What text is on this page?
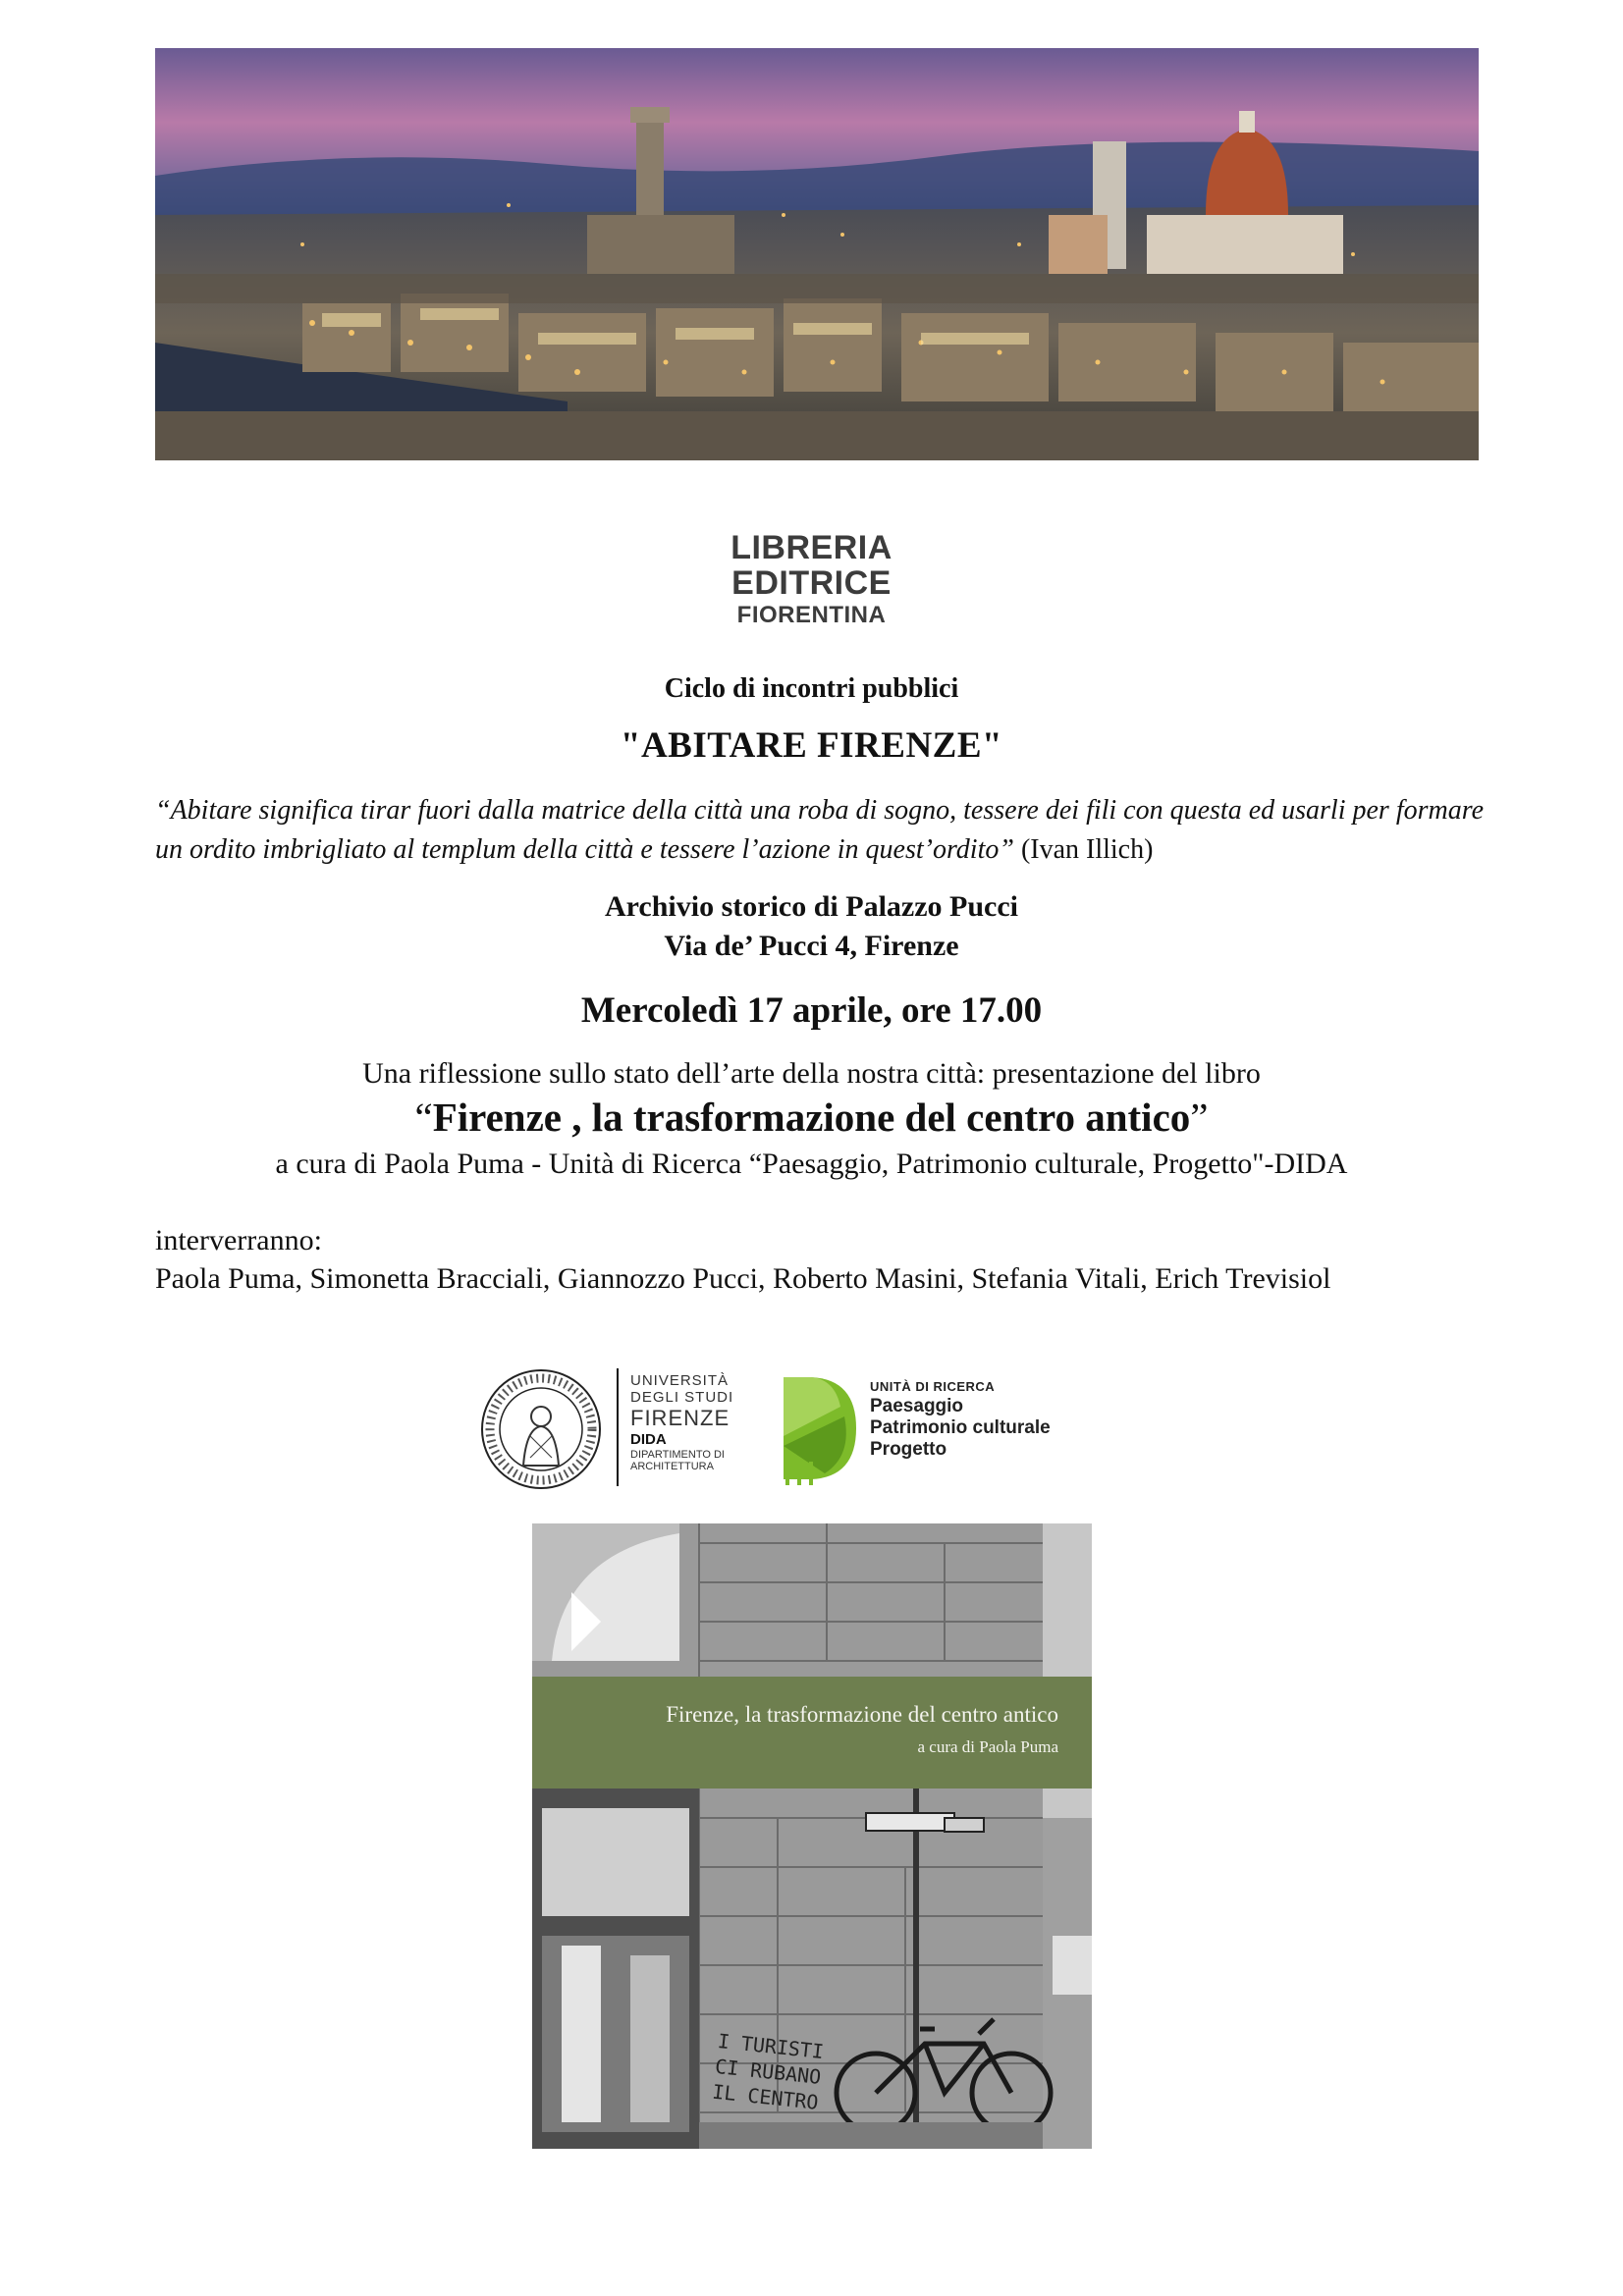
LIBRERIA
EDITRICE
FIORENTINA
Ciclo di incontri pubblici
"ABITARE FIRENZE"
“Abitare significa tirar fuori dalla matrice della città una roba di sogno, tessere dei fili con questa ed usarli per formare un ordito imbrigliato al templum della città e tessere l’azione in quest’ordito” (Ivan Illich)
Archivio storico di Palazzo Pucci
Via de’ Pucci 4, Firenze
Mercoledì 17 aprile, ore 17.00
Una riflessione sullo stato dell’arte della nostra città: presentazione del libro
“Firenze , la trasformazione del centro antico”
a cura di Paola Puma - Unità di Ricerca “Paesaggio, Patrimonio culturale, Progetto"-DIDA
interverranno:
Paola Puma, Simonetta Bracciali, Giannozzo Pucci, Roberto Masini, Stefania Vitali, Erich Trevisiol
UNIVERSITÀ
DEGLI STUDI
FIRENZE
DIDA
DIPARTIMENTO DI
ARCHITETTURA
UNITÀ DI RICERCA
Paesaggio
Patrimonio culturale
Progetto
Firenze, la trasformazione del centro antico
a cura di Paola Puma
I TURISTI CI RUBANO IL CENTRO
